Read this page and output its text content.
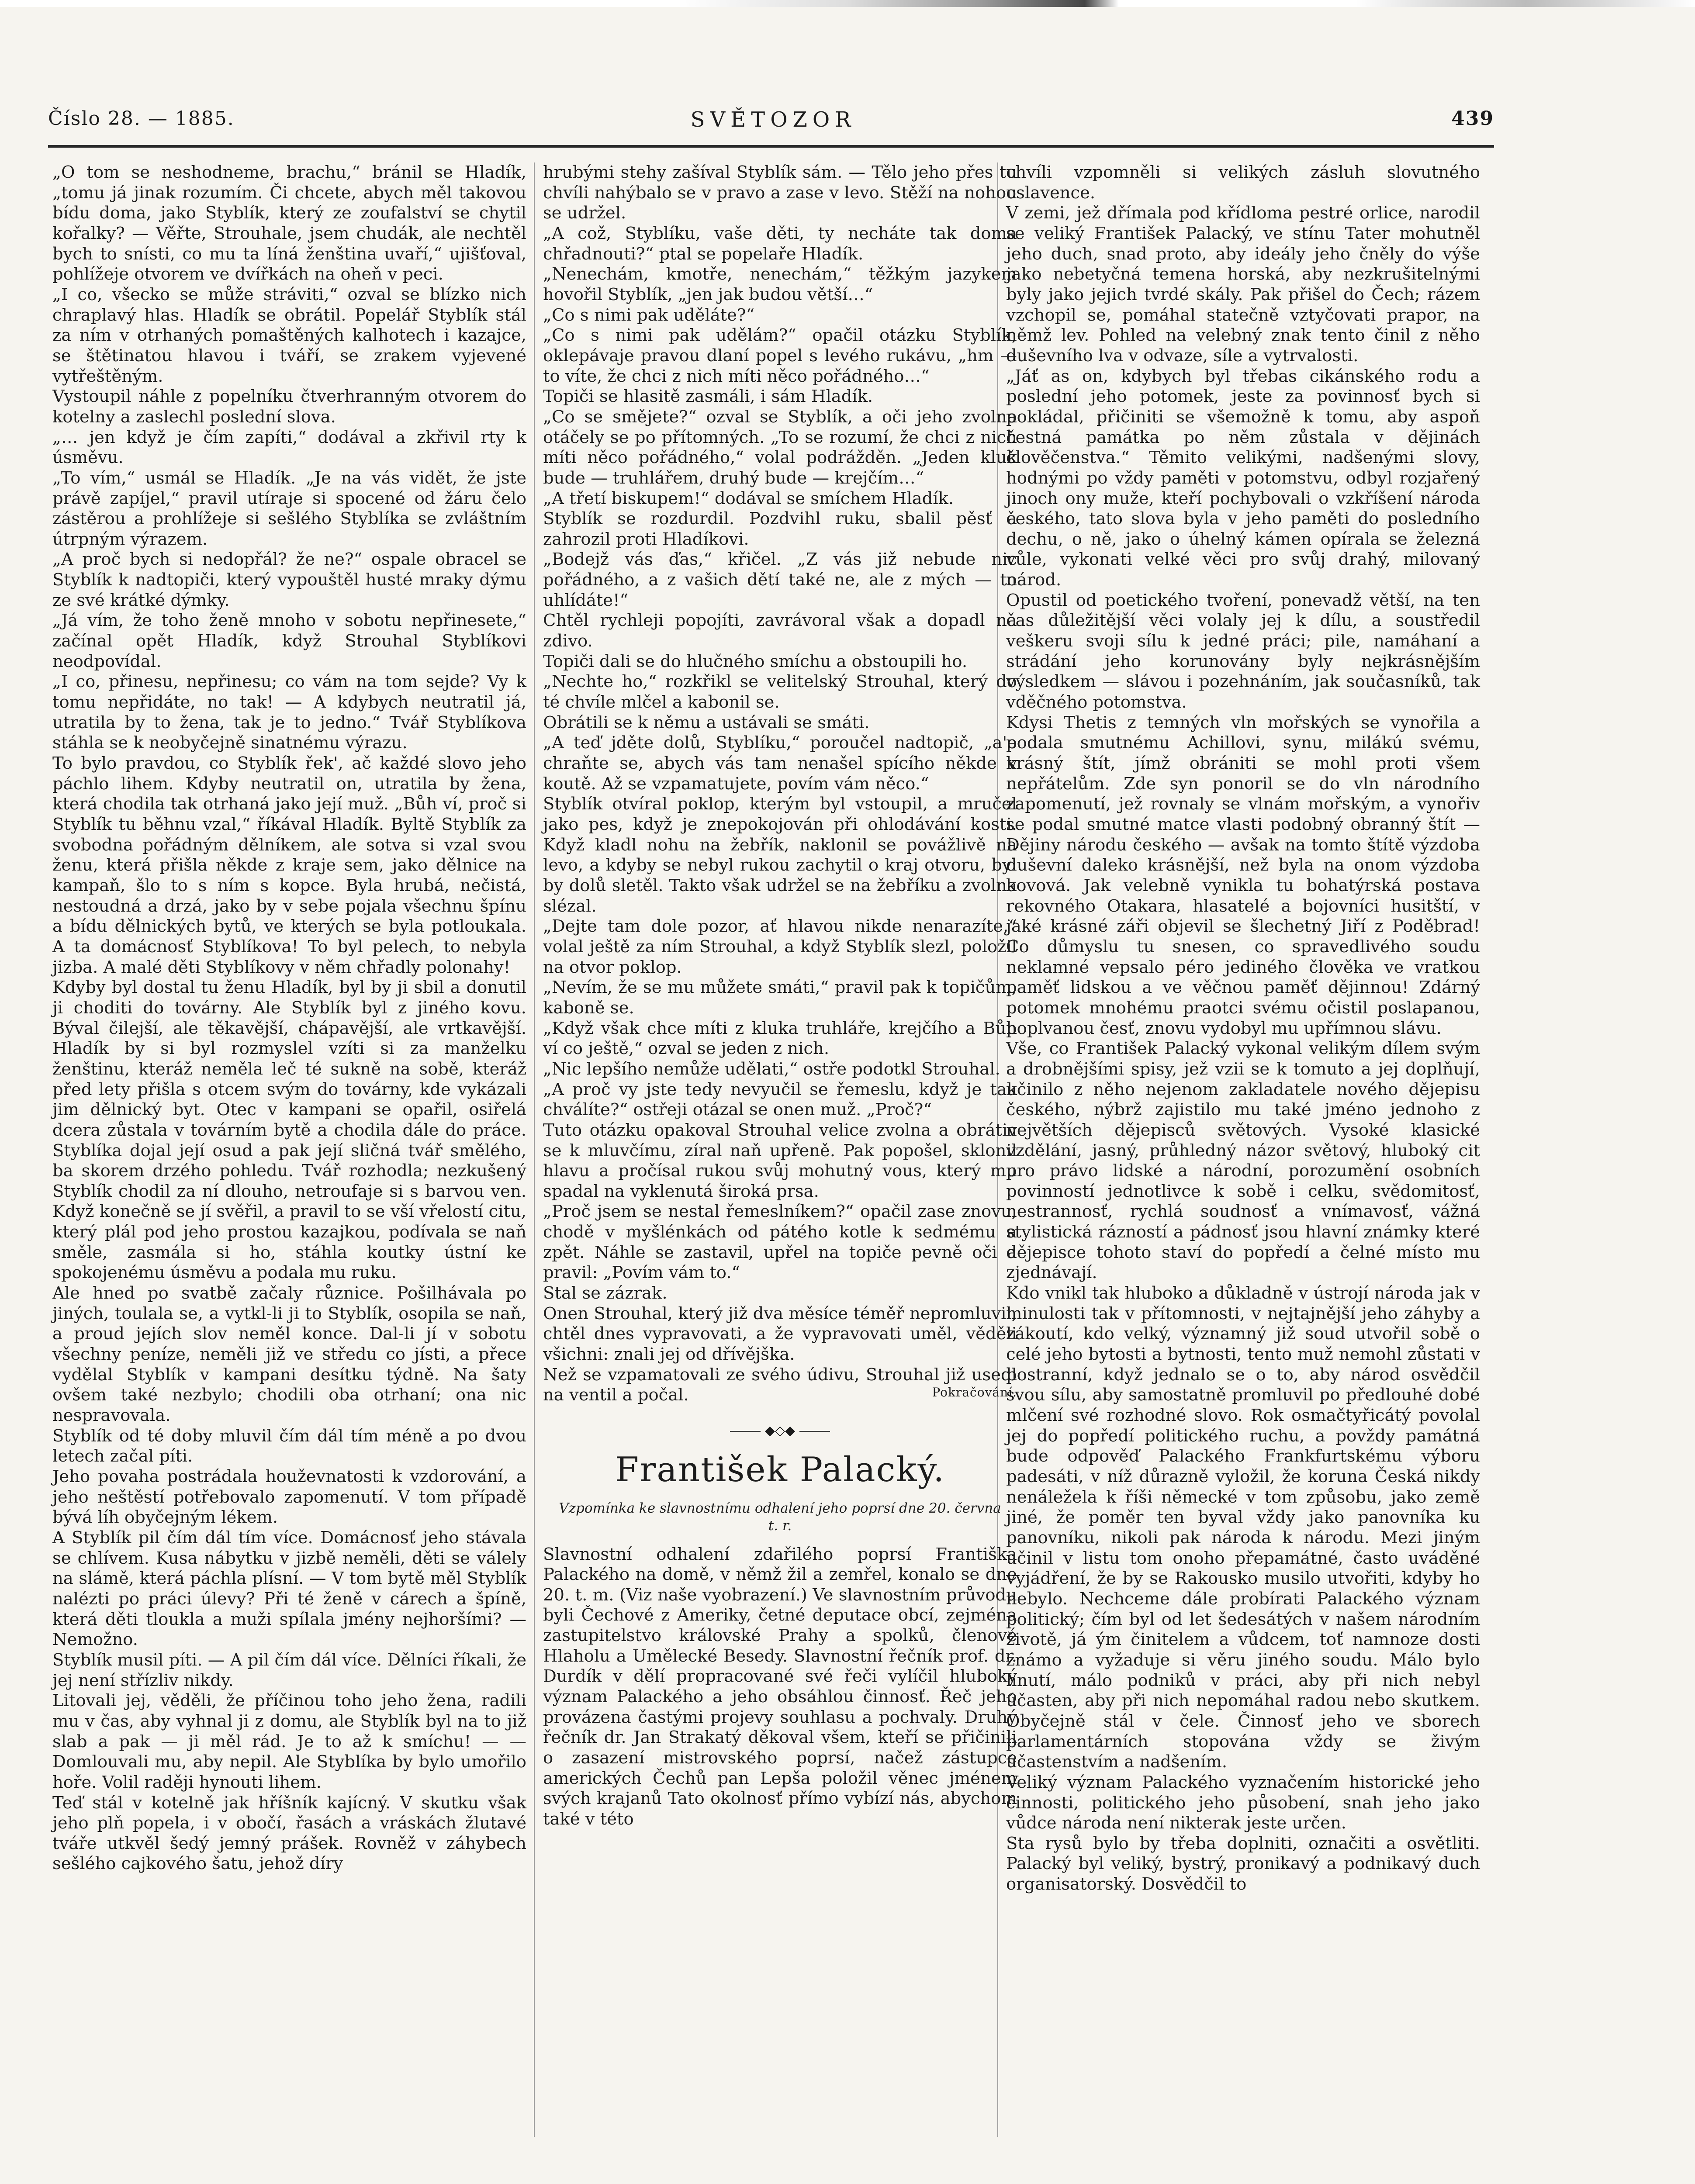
Číslo 28. — 1885.	SVĚTOZOR	439

„O tom se neshodneme, brachu,“ bránil se Hladík, „tomu já jinak rozumím. Či chcete, abych měl takovou bídu doma, jako Styblík, který ze zoufalství se chytil kořalky? — Věřte, Strouhale, jsem chudák, ale nechtěl bych to snísti, co mu ta líná ženština uvaří,“ ujišťoval, pohlížeje otvorem ve dvířkách na oheň v peci.

„I co, všecko se může stráviti,“ ozval se blízko nich chraplavý hlas. Hladík se obrátil. Popelář Styblík stál za ním v otrhaných pomaštěných kalhotech i kazajce, se štětinatou hlavou i tváří, se zrakem vyjevené vytřeštěným.

Vystoupil náhle z popelníku čtverhranným otvorem do kotelny a zaslechl poslední slova.

„… jen když je čím zapíti,“ dodával a zkřivil rty k úsměvu.

„To vím,“ usmál se Hladík. „Je na vás vidět, že jste právě zapíjel,“ pravil utíraje si spocené od žáru čelo zástěrou a prohlížeje si sešlého Styblíka se zvláštním útrpným výrazem.

„A proč bych si nedopřál? že ne?“ ospale obracel se Styblík k nadtopiči, který vypouštěl husté mraky dýmu ze své krátké dýmky.

„Já vím, že toho ženě mnoho v sobotu nepřinesete,“ začínal opět Hladík, když Strouhal Styblíkovi neodpovídal.

„I co, přinesu, nepřinesu; co vám na tom sejde? Vy k tomu nepřidáte, no tak! — A kdybych neutratil já, utratila by to žena, tak je to jedno.“ Tvář Styblíkova stáhla se k neobyčejně sinatnému výrazu.

To bylo pravdou, co Styblík řek', ač každé slovo jeho páchlo lihem. Kdyby neutratil on, utratila by žena, která chodila tak otrhaná jako její muž. „Bůh ví, proč si Styblík tu běhnu vzal,“ říkával Hladík. Byltě Styblík za svobodna pořádným dělníkem, ale sotva si vzal svou ženu, která přišla někde z kraje sem, jako dělnice na kampaň, šlo to s ním s kopce. Byla hrubá, nečistá, nestoudná a drzá, jako by v sebe pojala všechnu špínu a bídu dělnických bytů, ve kterých se byla potloukala. A ta domácnosť Styblíkova! To byl pelech, to nebyla jizba. A malé děti Styblíkovy v něm chřadly polonahy!

Kdyby byl dostal tu ženu Hladík, byl by ji sbil a donutil ji choditi do továrny. Ale Styblík byl z jiného kovu. Býval čilejší, ale těkavější, chápavější, ale vrtkavější. Hladík by si byl rozmyslel vzíti si za manželku ženštinu, kteráž neměla leč té sukně na sobě, kteráž před lety přišla s otcem svým do továrny, kde vykázali jim dělnický byt. Otec v kampani se opařil, osiřelá dcera zůstala v továrním bytě a chodila dále do práce. Styblíka dojal její osud a pak její sličná tvář smělého, ba skorem drzého pohledu. Tvář rozhodla; nezkušený Styblík chodil za ní dlouho, netroufaje si s barvou ven. Když konečně se jí svěřil, a pravil to se vší vřelostí citu, který plál pod jeho prostou kazajkou, podívala se naň směle, zasmála si ho, stáhla koutky ústní ke spokojenému úsměvu a podala mu ruku.

Ale hned po svatbě začaly různice. Pošilhávala po jiných, toulala se, a vytkl-li ji to Styblík, osopila se naň, a proud jejích slov neměl konce. Dal-li jí v sobotu všechny peníze, neměli již ve středu co jísti, a přece vydělal Styblík v kampani desítku týdně. Na šaty ovšem také nezbylo; chodili oba otrhaní; ona nic nespravovala.

Styblík od té doby mluvil čím dál tím méně a po dvou letech začal píti.

Jeho povaha postrádala houževnatosti k vzdorování, a jeho neštěstí potřebovalo zapomenutí. V tom případě bývá líh obyčejným lékem.

A Styblík pil čím dál tím více. Domácnosť jeho stávala se chlívem. Kusa nábytku v jizbě neměli, děti se válely na slámě, která páchla plísní. — V tom bytě měl Styblík nalézti po práci úlevy? Při té ženě v cárech a špíně, která děti tloukla a muži spílala jmény nejhoršími? — Nemožno.

Styblík musil píti. — A pil čím dál více. Dělníci říkali, že jej není střízliv nikdy.

Litovali jej, věděli, že příčinou toho jeho žena, radili mu v čas, aby vyhnal ji z domu, ale Styblík byl na to již slab a pak — ji měl rád. Je to až k smíchu! — — Domlouvali mu, aby nepil. Ale Styblíka by bylo umořilo hoře. Volil raději hynouti lihem.

Teď stál v kotelně jak hříšník kajícný. V skutku však jeho plň popela, i v obočí, řasách a vráskách žlutavé tváře utkvěl šedý jemný prášek. Rovněž v záhybech sešlého cajkového šatu, jehož díry

hrubými stehy zašíval Styblík sám. — Tělo jeho přes tu chvíli nahýbalo se v pravo a zase v levo. Stěží na nohou se udržel.

„A což, Styblíku, vaše děti, ty necháte tak doma chřadnouti?“ ptal se popelaře Hladík.

„Nenechám, kmotře, nenechám,“ těžkým jazykem hovořil Styblík, „jen jak budou větší…“

„Co s nimi pak uděláte?“

„Co s nimi pak udělám?“ opačil otázku Styblík, oklepávaje pravou dlaní popel s levého rukávu, „hm — to víte, že chci z nich míti něco pořádného…“

Topiči se hlasitě zasmáli, i sám Hladík.

„Co se smějete?“ ozval se Styblík, a oči jeho zvolna otáčely se po přítomných. „To se rozumí, že chci z nich míti něco pořádného,“ volal podrážděn. „Jeden kluk bude — truhlářem, druhý bude — krejčím…“

„A třetí biskupem!“ dodával se smíchem Hladík.

Styblík se rozdurdil. Pozdvihl ruku, sbalil pěsť a zahrozil proti Hladíkovi.

„Bodejž vás ďas,“ křičel. „Z vás již nebude nic pořádného, a z vašich dětí také ne, ale z mých — to uhlídáte!“

Chtěl rychleji popojíti, zavrávoral však a dopadl na zdivo.

Topiči dali se do hlučného smíchu a obstoupili ho.

„Nechte ho,“ rozkřikl se velitelský Strouhal, který do té chvíle mlčel a kabonil se.

Obrátili se k němu a ustávali se smáti.

„A teď jděte dolů, Styblíku,“ poroučel nadtopič, „a'e chraňte se, abych vás tam nenašel spícího někde v koutě. Až se vzpamatujete, povím vám něco.“

Styblík otvíral poklop, kterým byl vstoupil, a mručel jako pes, když je znepokojován při ohlodávání kosti. Když kladl nohu na žebřík, naklonil se povážlivě na levo, a kdyby se nebyl rukou zachytil o kraj otvoru, byl by dolů sletěl. Takto však udržel se na žebříku a zvolna slézal.

„Dejte tam dole pozor, ať hlavou nikde nenarazíte,“ volal ještě za ním Strouhal, a když Styblík slezl, položil na otvor poklop.

„Nevím, že se mu můžete smáti,“ pravil pak k topičům, kaboně se.

„Když však chce míti z kluka truhláře, krejčího a Bůh ví co ještě,“ ozval se jeden z nich.

„Nic lepšího nemůže udělati,“ ostře podotkl Strouhal.

„A proč vy jste tedy nevyučil se řemeslu, když je tak chválíte?“ ostřeji otázal se onen muž. „Proč?“

Tuto otázku opakoval Strouhal velice zvolna a obrátiv se k mluvčímu, zíral naň upřeně. Pak popošel, sklonil hlavu a pročísal rukou svůj mohutný vous, který mu spadal na vyklenutá široká prsa.

„Proč jsem se nestal řemeslníkem?“ opačil zase znovu, chodě v myšlénkách od pátého kotle k sedmému a zpět. Náhle se zastavil, upřel na topiče pevně oči a pravil: „Povím vám to.“

Stal se zázrak.

Onen Strouhal, který již dva měsíce téměř nepromluvil, chtěl dnes vypravovati, a že vypravovati uměl, věděli všichni: znali jej od dřívějška.

Než se vzpamatovali ze svého údivu, Strouhal již usedl na ventil a počal.	Pokračování.

◆◇◆
František Palacký.
Vzpomínka ke slavnostnímu odhalení jeho poprsí dne 20. června t. r.

Slavnostní odhalení zdařilého poprsí Františka Palackého na domě, v němž žil a zemřel, konalo se dne 20. t. m. (Viz naše vyobrazení.) Ve slavnostním průvodu byli Čechové z Ameriky, četné deputace obcí, zejména zastupitelstvo královské Prahy a spolků, členové Hlaholu a Umělecké Besedy. Slavnostní řečník prof. dr. Durdík v dělí propracované své řeči vylíčil hluboký význam Palackého a jeho obsáhlou činnosť. Řeč jeho provázena častými projevy souhlasu a pochvaly. Druhý řečník dr. Jan Strakatý děkoval všem, kteří se přičinili o zasazení mistrovského poprsí, načež zástupce amerických Čechů pan Lepša položil věnec jménem svých krajanů Tato okolnosť přímo vybízí nás, abychom také v této

chvíli vzpomněli si velikých zásluh slovutného oslavence.

V zemi, jež dřímala pod křídloma pestré orlice, narodil se veliký František Palacký, ve stínu Tater mohutněl jeho duch, snad proto, aby ideály jeho čněly do výše jako nebetyčná temena horská, aby nezkrušitelnými byly jako jejich tvrdé skály. Pak přišel do Čech; rázem vzchopil se, pomáhal statečně vztyčovati prapor, na němž lev. Pohled na velebný znak tento činil z něho duševního lva v odvaze, síle a vytrvalosti.

„Jáť as on, kdybych byl třebas cikánského rodu a poslední jeho potomek, jeste za povinnosť bych si pokládal, přičiniti se všemožně k tomu, aby aspoň čestná památka po něm zůstala v dějinách člověčenstva.“ Těmito velikými, nadšenými slovy, hodnými po vždy paměti v potomstvu, odbyl rozjařený jinoch ony muže, kteří pochybovali o vzkříšení národa českého, tato slova byla v jeho paměti do posledního dechu, o ně, jako o úhelný kámen opírala se železná vůle, vykonati velké věci pro svůj drahý, milovaný národ.

Opustil od poetického tvoření, ponevadž větší, na ten čas důležitější věci volaly jej k dílu, a soustředil veškeru svoji sílu k jedné práci; pile, namáhaní a strádání jeho korunovány byly nejkrásnějším výsledkem — slávou i pozehnáním, jak současníků, tak vděčného potomstva.

Kdysi Thetis z temných vln mořských se vynořila a podala smutnému Achillovi, synu, milákú svému, krásný štít, jímž obrániti se mohl proti všem nepřátelům. Zde syn ponoril se do vln národního zapomenutí, jež rovnaly se vlnám mořským, a vynořiv se podal smutné matce vlasti podobný obranný štít — Dějiny národu českého — avšak na tomto štítě výzdoba duševní daleko krásnější, než byla na onom výzdoba kovová. Jak velebně vynikla tu bohatýrská postava rekovného Otakara, hlasatelé a bojovníci husitští, v jaké krásné záři objevil se šlechetný Jiří z Poděbrad! Co důmyslu tu snesen, co spravedlivého soudu neklamné vepsalo péro jediného člověka ve vratkou paměť lidskou a ve věčnou paměť dějinnou! Zdárný potomek mnohému praotci svému očistil poslapanou, poplvanou česť, znovu vydobyl mu upřímnou slávu.

Vše, co František Palacký vykonal velikým dílem svým a drobnějšími spisy, jež vzii se k tomuto a jej doplňují, učinilo z něho nejenom zakladatele nového dějepisu českého, nýbrž zajistilo mu také jméno jednoho z největších dějepisců světových. Vysoké klasické vzdělání, jasný, průhledný názor světový, hluboký cit pro právo lidské a národní, porozumění osobních povinností jednotlivce k sobě i celku, svědomitosť, nestrannosť, rychlá soudnosť a vnímavosť, vážná stylistická rázností a pádnosť jsou hlavní známky které dějepisce tohoto staví do popředí a čelné místo mu zjednávají.

Kdo vnikl tak hluboko a důkladně v ústrojí národa jak v minulosti tak v přítomnosti, v nejtajnější jeho záhyby a zákoutí, kdo velký, významný již soud utvořil sobě o celé jeho bytosti a bytnosti, tento muž nemohl zůstati v postranní, když jednalo se o to, aby národ osvědčil svou sílu, aby samostatně promluvil po předlouhé dobé mlčení své rozhodné slovo. Rok osmačtyřicátý povolal jej do popředí politického ruchu, a povždy památná bude odpověď Palackého Frankfurtskému výboru padesáti, v níž důrazně vyložil, že koruna Česká nikdy nenáležela k říši německé v tom způsobu, jako země jiné, že poměr ten byval vždy jako panovníka ku panovníku, nikoli pak národa k národu. Mezi jiným učinil v listu tom onoho přepamátné, často uváděné vyjádření, že by se Rakousko musilo utvořiti, kdyby ho nebylo. Nechceme dále probírati Palackého význam politický; čím byl od let šedesátých v našem národním životě, já ým činitelem a vůdcem, toť namnoze dosti známo a vyžaduje si věru jiného soudu. Málo bylo hnutí, málo podniků v práci, aby při nich nebyl účasten, aby při nich nepomáhal radou nebo skutkem. Obyčejně stál v čele. Činnosť jeho ve sborech parlamentárních stopována vždy se živým účastenstvím a nadšením.

Veliký význam Palackého vyznačením historické jeho činnosti, politického jeho působení, snah jeho jako vůdce národa není nikterak jeste určen.

Sta rysů bylo by třeba doplniti, označiti a osvětliti. Palacký byl veliký, bystrý, pronikavý a podnikavý duch organisatorský. Dosvědčil to
